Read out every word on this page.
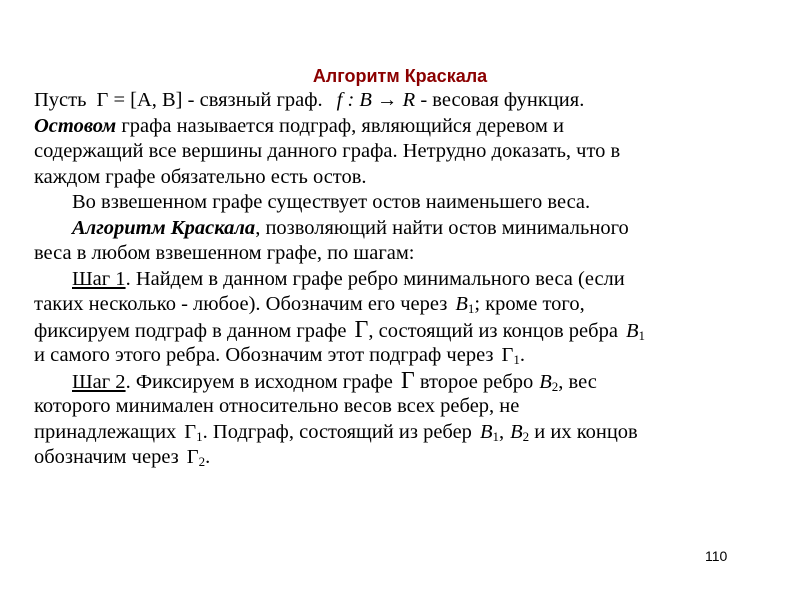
Алгоритм Краскала
Пусть Γ = [A, B] - связный граф. f : B → R - весовая функция.
Остовом графа называется подграф, являющийся деревом и
содержащий все вершины данного графа. Нетрудно доказать, что в
каждом графе обязательно есть остов.
Во взвешенном графе существует остов наименьшего веса.
Алгоритм Краскала, позволяющий найти остов минимального
веса в любом взвешенном графе, по шагам:
Шаг 1. Найдем в данном графе ребро минимального веса (если
таких несколько - любое). Обозначим его через $B_1$; кроме того,
фиксируем подграф в данном графе Γ, состоящий из концов ребра $B_1$
и самого этого ребра. Обозначим этот подграф через $\Gamma_1$.
Шаг 2. Фиксируем в исходном графе Γ второе ребро $B_2$, вес
которого минимален относительно весов всех ребер, не
принадлежащих $\Gamma_1$. Подграф, состоящий из ребер $B_1$, $B_2$ и их концов
обозначим через $\Gamma_2$.
110
